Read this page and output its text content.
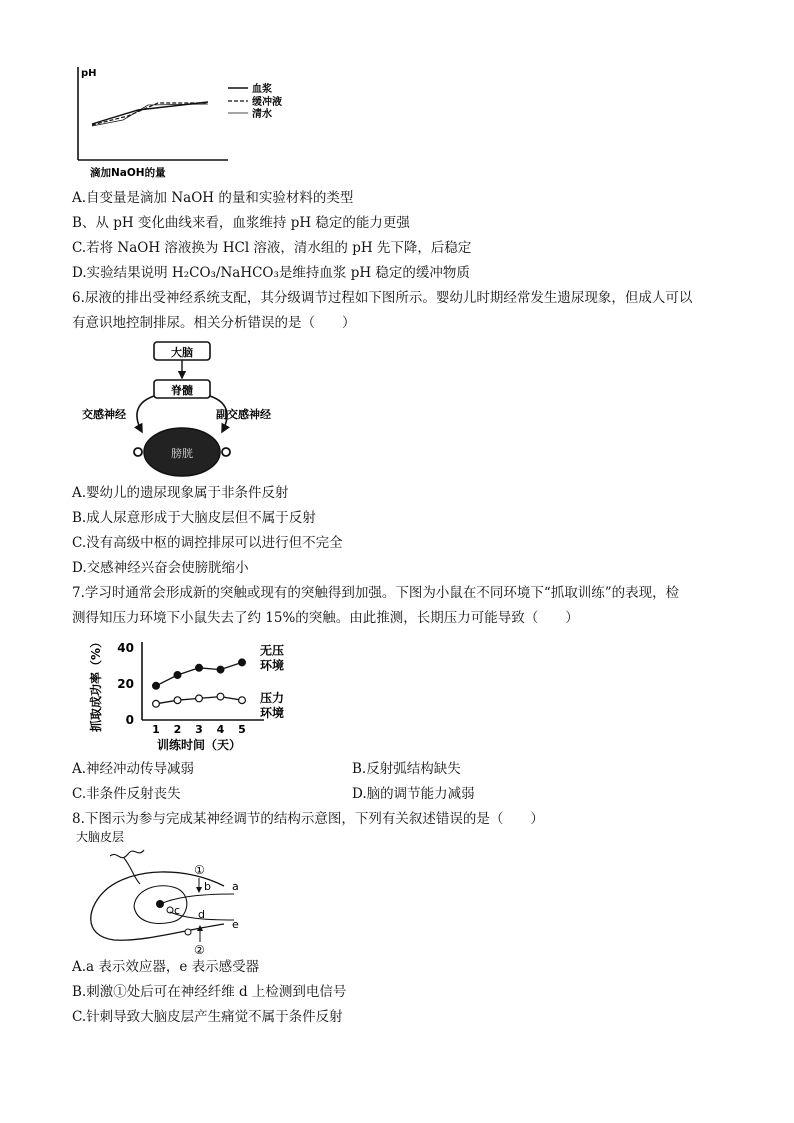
pH
血浆
缓冲液
清水
滴加NaOH的量
A.自变量是滴加 NaOH 的量和实验材料的类型
B、从 pH 变化曲线来看，血浆维持 pH 稳定的能力更强
C.若将 NaOH 溶液换为 HCl 溶液，清水组的 pH 先下降，后稳定
D.实验结果说明 H₂CO₃/NaHCO₃是维持血浆 pH 稳定的缓冲物质
6.尿液的排出受神经系统支配，其分级调节过程如下图所示。婴幼儿时期经常发生遗尿现象，但成人可以
有意识地控制排尿。相关分析错误的是（　　）
大脑
脊髓
交感神经	副交感神经
膀胱
A.婴幼儿的遗尿现象属于非条件反射
B.成人尿意形成于大脑皮层但不属于反射
C.没有高级中枢的调控排尿可以进行但不完全
D.交感神经兴奋会使膀胱缩小
7.学习时通常会形成新的突触或现有的突触得到加强。下图为小鼠在不同环境下“抓取训练”的表现，检
测得知压力环境下小鼠失去了约 15%的突触。由此推测，长期压力可能导致（　　）
0
20
40
1 2 3 4 5
训练时间（天）
抓取成功率（%）	无压
环境
压力
环境
A.神经冲动传导减弱	B.反射弧结构缺失
C.非条件反射丧失	D.脑的调节能力减弱
8.下图示为参与完成某神经调节的结构示意图，下列有关叙述错误的是（　　）
大脑皮层
①
b
c d
②
a
e
A.a 表示效应器，e 表示感受器
B.刺激①处后可在神经纤维 d 上检测到电信号
C.针刺导致大脑皮层产生痛觉不属于条件反射
